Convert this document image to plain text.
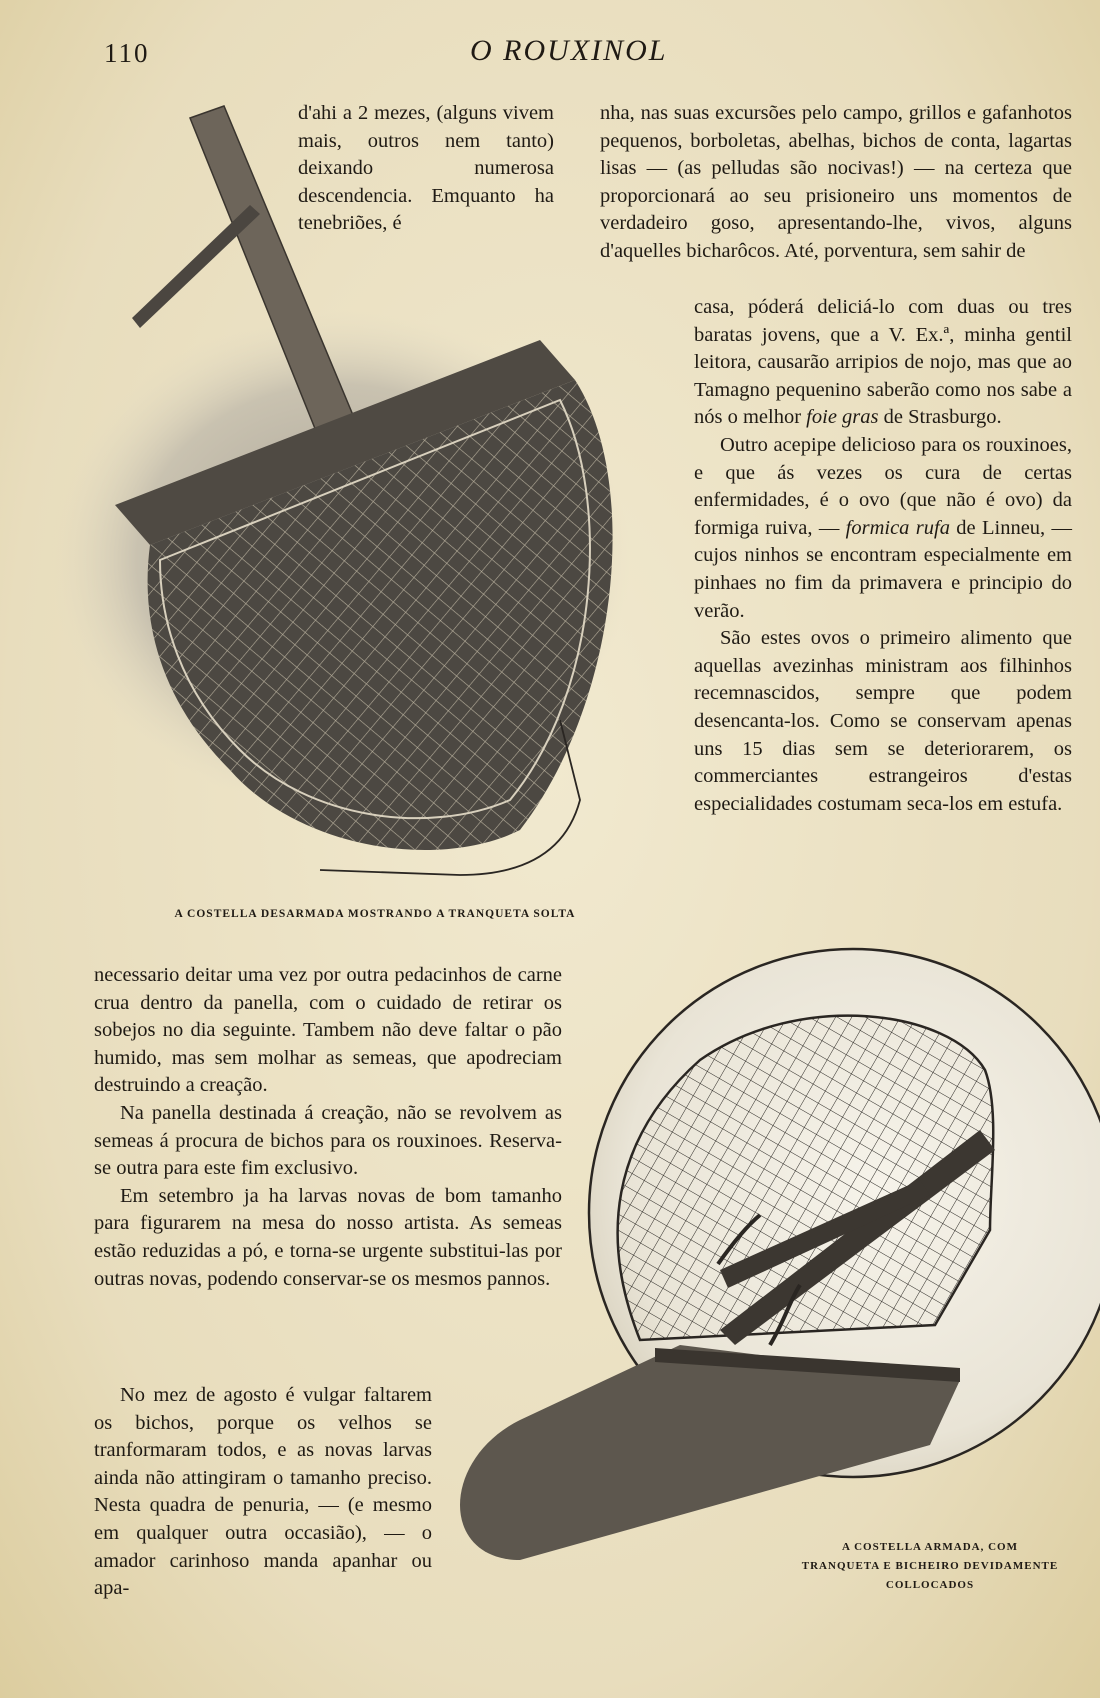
110	O ROUXINOL

d'ahi a 2 mezes, (alguns vivem mais, outros nem tanto) deixando numerosa descendencia. Emquanto ha tenebriões, é

nha, nas suas excursões pelo campo, grillos e gafanhotos pequenos, borboletas, abelhas, bichos de conta, lagartas lisas — (as pelludas são nocivas!) — na certeza que proporcionará ao seu prisioneiro uns momentos de verdadeiro goso, apresentando-lhe, vivos, alguns d'aquelles bicharôcos. Até, porventura, sem sahir de

casa, póderá deliciá-lo com duas ou tres baratas jovens, que a V. Ex.ª, minha gentil leitora, causarão arripios de nojo, mas que ao Tamagno pequenino saberão como nos sabe a nós o melhor foie gras de Strasburgo.

Outro acepipe delicioso para os rouxinoes, e que ás vezes os cura de certas enfermidades, é o ovo (que não é ovo) da formiga ruiva, — formica rufa de Linneu, — cujos ninhos se encontram especialmente em pinhaes no fim da primavera e principio do verão.

São estes ovos o primeiro alimento que aquellas avezinhas ministram aos filhinhos recemnascidos, sempre que podem desencanta-los. Como se conservam apenas uns 15 dias sem se deteriorarem, os commerciantes estrangeiros d'estas especialidades costumam seca-los em estufa.

A COSTELLA DESARMADA MOSTRANDO A TRANQUETA SOLTA

necessario deitar uma vez por outra pedacinhos de carne crua dentro da panella, com o cuidado de retirar os sobejos no dia seguinte. Tambem não deve faltar o pão humido, mas sem molhar as semeas, que apodreciam destruindo a creação.

Na panella destinada á creação, não se revolvem as semeas á procura de bichos para os rouxinoes. Reserva-se outra para este fim exclusivo.

Em setembro ja ha larvas novas de bom tamanho para figurarem na mesa do nosso artista. As semeas estão reduzidas a pó, e torna-se urgente substitui-las por outras novas, podendo conservar-se os mesmos pannos.

No mez de agosto é vulgar faltarem os bichos, porque os velhos se tranformaram todos, e as novas larvas ainda não attingiram o tamanho preciso. Nesta quadra de penuria, — (e mesmo em qualquer outra occasião), — o amador carinhoso manda apanhar ou apa-

A COSTELLA ARMADA, COM
TRANQUETA E BICHEIRO DEVIDAMENTE
COLLOCADOS
